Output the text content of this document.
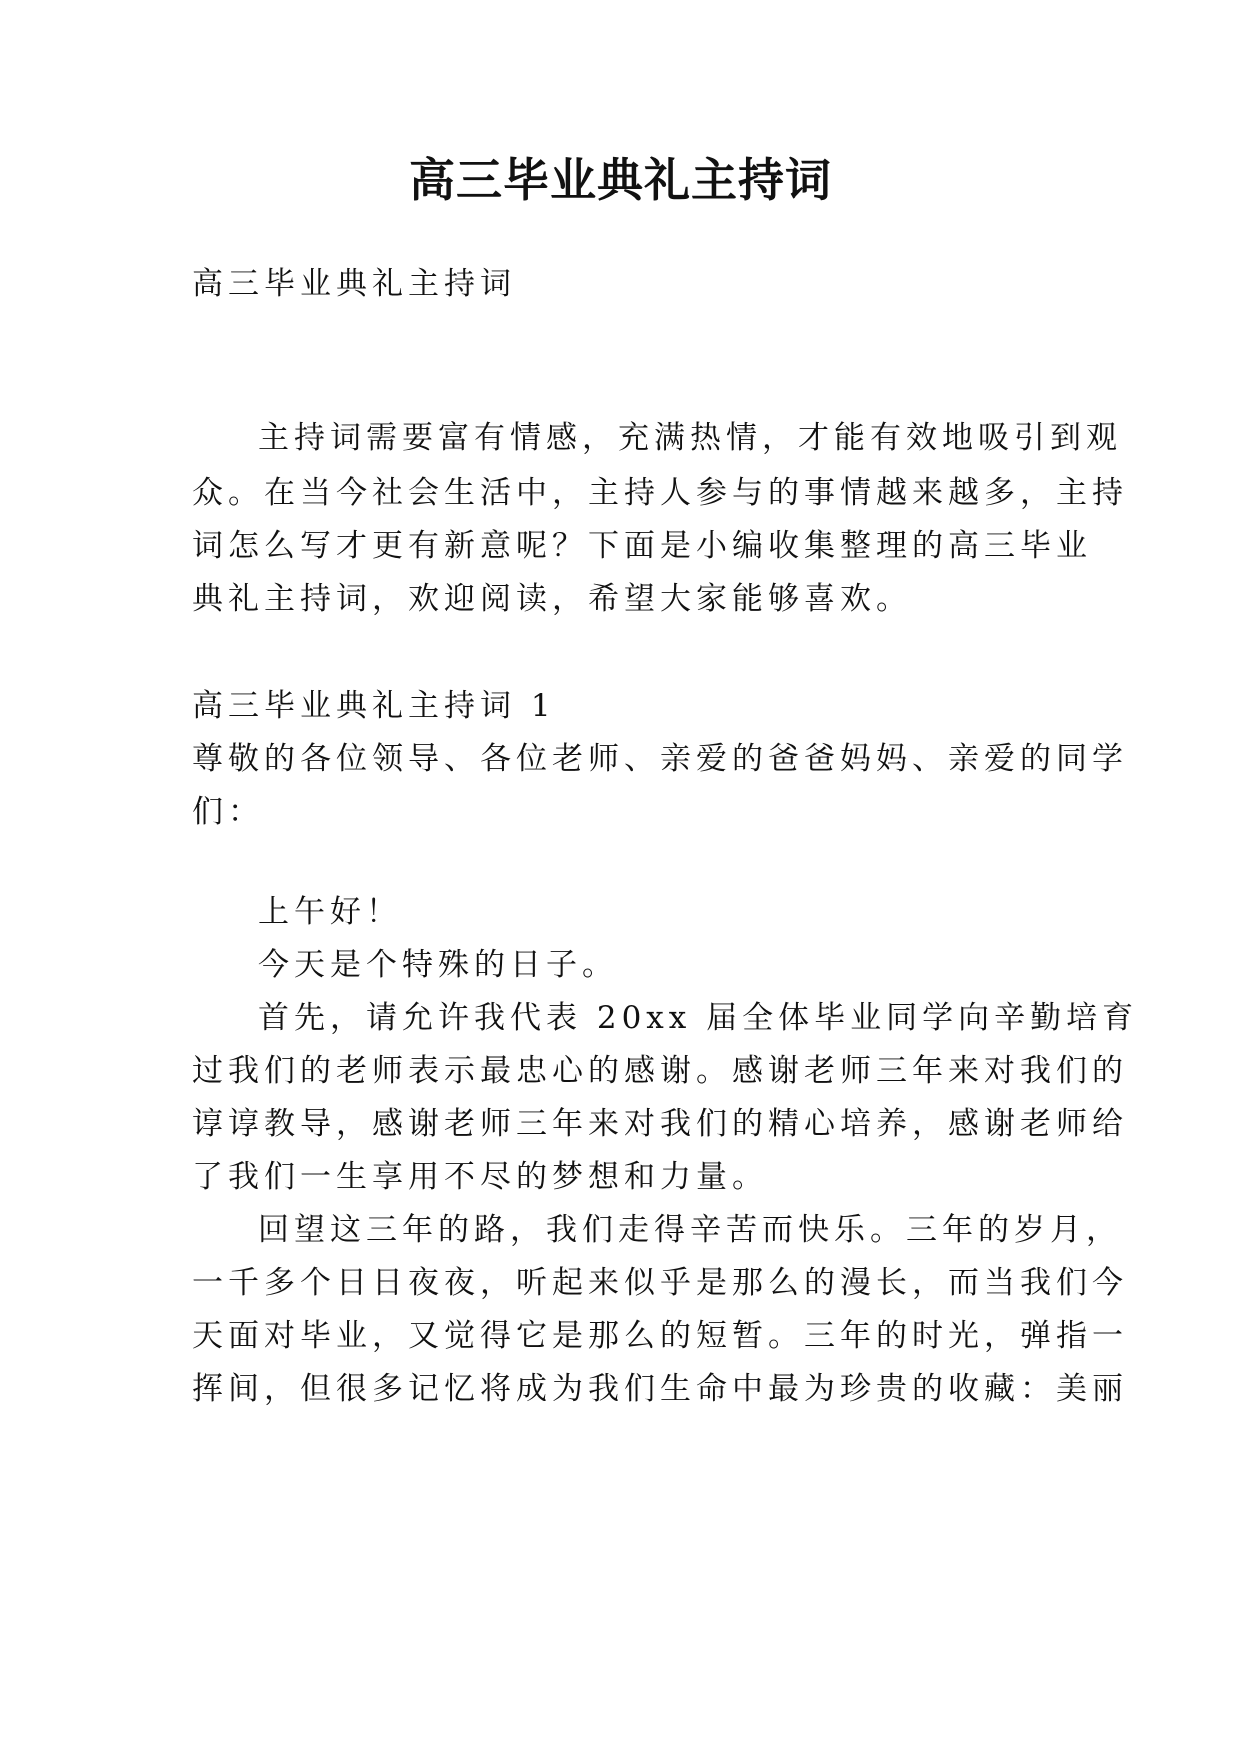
高三毕业典礼主持词
高三毕业典礼主持词
主持词需要富有情感，充满热情，才能有效地吸引到观
众。在当今社会生活中，主持人参与的事情越来越多，主持
词怎么写才更有新意呢？下面是小编收集整理的高三毕业
典礼主持词，欢迎阅读，希望大家能够喜欢。
高三毕业典礼主持词 1
尊敬的各位领导、各位老师、亲爱的爸爸妈妈、亲爱的同学
们：
上午好！
今天是个特殊的日子。
首先，请允许我代表 20xx 届全体毕业同学向辛勤培育
过我们的老师表示最忠心的感谢。感谢老师三年来对我们的
谆谆教导，感谢老师三年来对我们的精心培养，感谢老师给
了我们一生享用不尽的梦想和力量。
回望这三年的路，我们走得辛苦而快乐。三年的岁月，
一千多个日日夜夜，听起来似乎是那么的漫长，而当我们今
天面对毕业，又觉得它是那么的短暂。三年的时光，弹指一
挥间，但很多记忆将成为我们生命中最为珍贵的收藏：美丽
